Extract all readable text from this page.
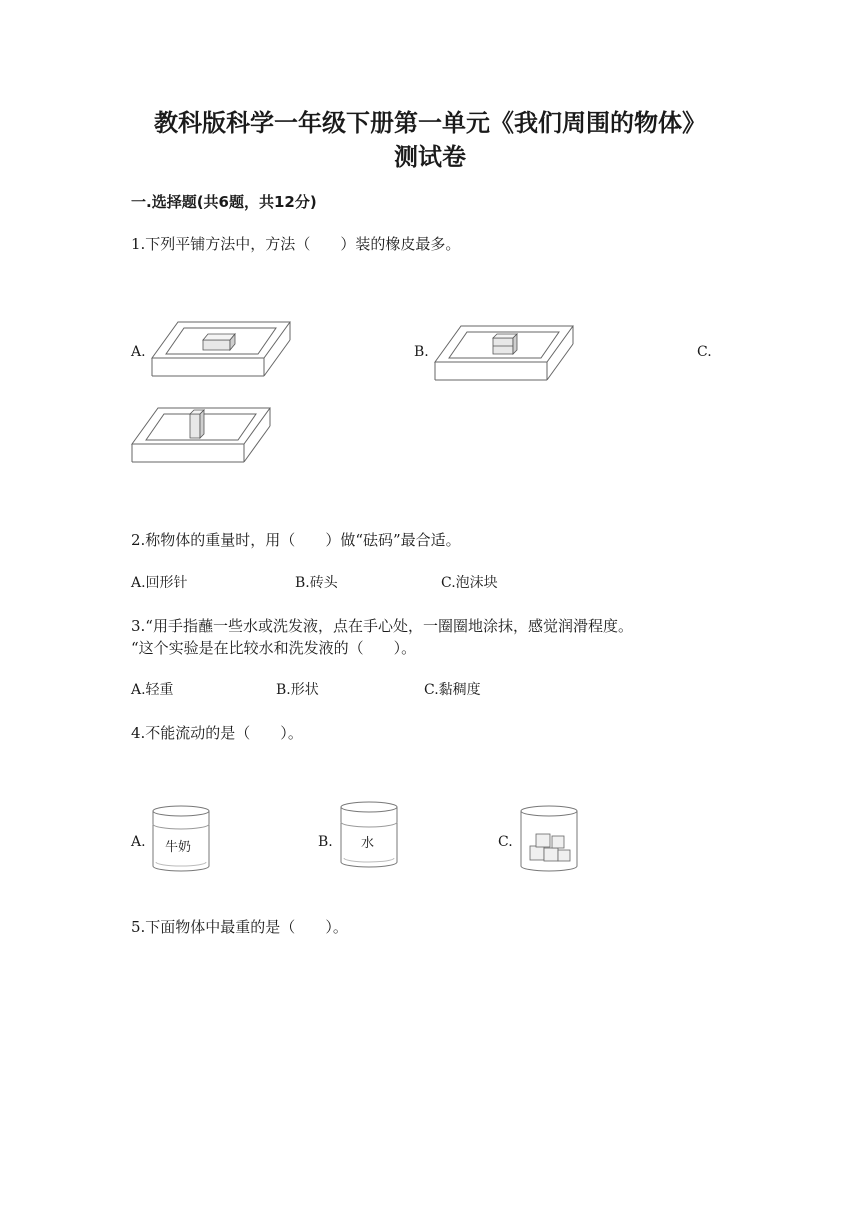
教科版科学一年级下册第一单元《我们周围的物体》
测试卷
一.选择题(共6题，共12分)
1.下列平铺方法中，方法（　　）装的橡皮最多。
A.	B.	C.
2.称物体的重量时，用（　　）做“砝码”最合适。
A.回形针	B.砖头	C.泡沫块
3.“用手指蘸一些水或洗发液，点在手心处，一圈圈地涂抹，感觉润滑程度。
“这个实验是在比较水和洗发液的（　　）。
A.轻重	B.形状	C.黏稠度
4.不能流动的是（　　）。
A. 牛奶	B. 水	C.
5.下面物体中最重的是（　　）。
